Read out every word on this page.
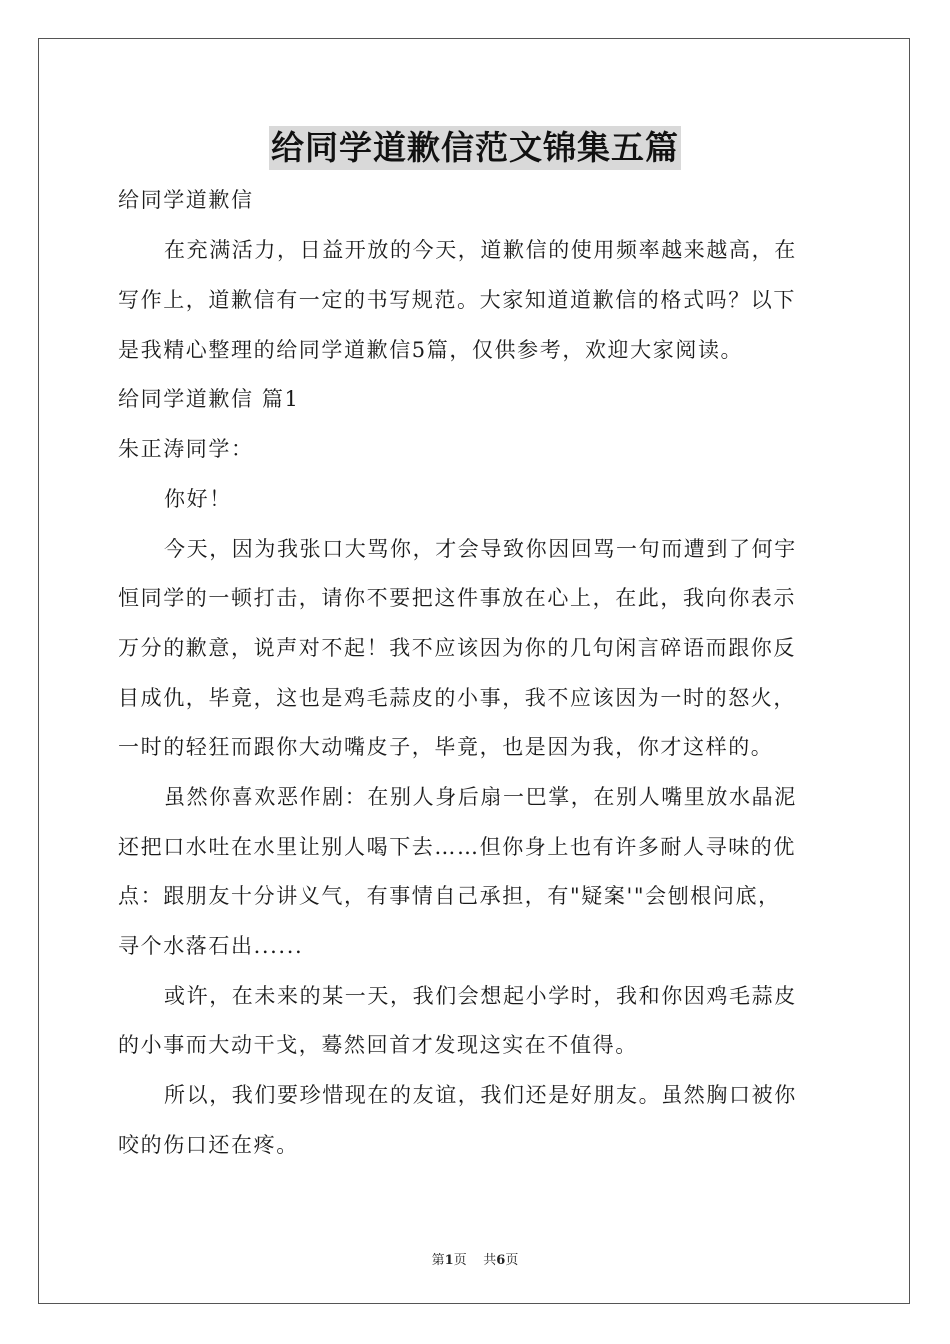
给同学道歉信范文锦集五篇
给同学道歉信
在充满活力，日益开放的今天，道歉信的使用频率越来越高，在
写作上，道歉信有一定的书写规范。大家知道道歉信的格式吗？以下
是我精心整理的给同学道歉信5篇，仅供参考，欢迎大家阅读。
给同学道歉信 篇1
朱正涛同学：
你好！
今天，因为我张口大骂你，才会导致你因回骂一句而遭到了何宇
恒同学的一顿打击，请你不要把这件事放在心上，在此，我向你表示
万分的歉意，说声对不起！我不应该因为你的几句闲言碎语而跟你反
目成仇，毕竟，这也是鸡毛蒜皮的小事，我不应该因为一时的怒火，
一时的轻狂而跟你大动嘴皮子，毕竟，也是因为我，你才这样的。
虽然你喜欢恶作剧：在别人身后扇一巴掌，在别人嘴里放水晶泥
还把口水吐在水里让别人喝下去……但你身上也有许多耐人寻味的优
点：跟朋友十分讲义气，有事情自己承担，有"疑案'"会刨根问底，
寻个水落石出......
或许，在未来的某一天，我们会想起小学时，我和你因鸡毛蒜皮
的小事而大动干戈，蓦然回首才发现这实在不值得。
所以，我们要珍惜现在的友谊，我们还是好朋友。虽然胸口被你
咬的伤口还在疼。
第1页 共6页
